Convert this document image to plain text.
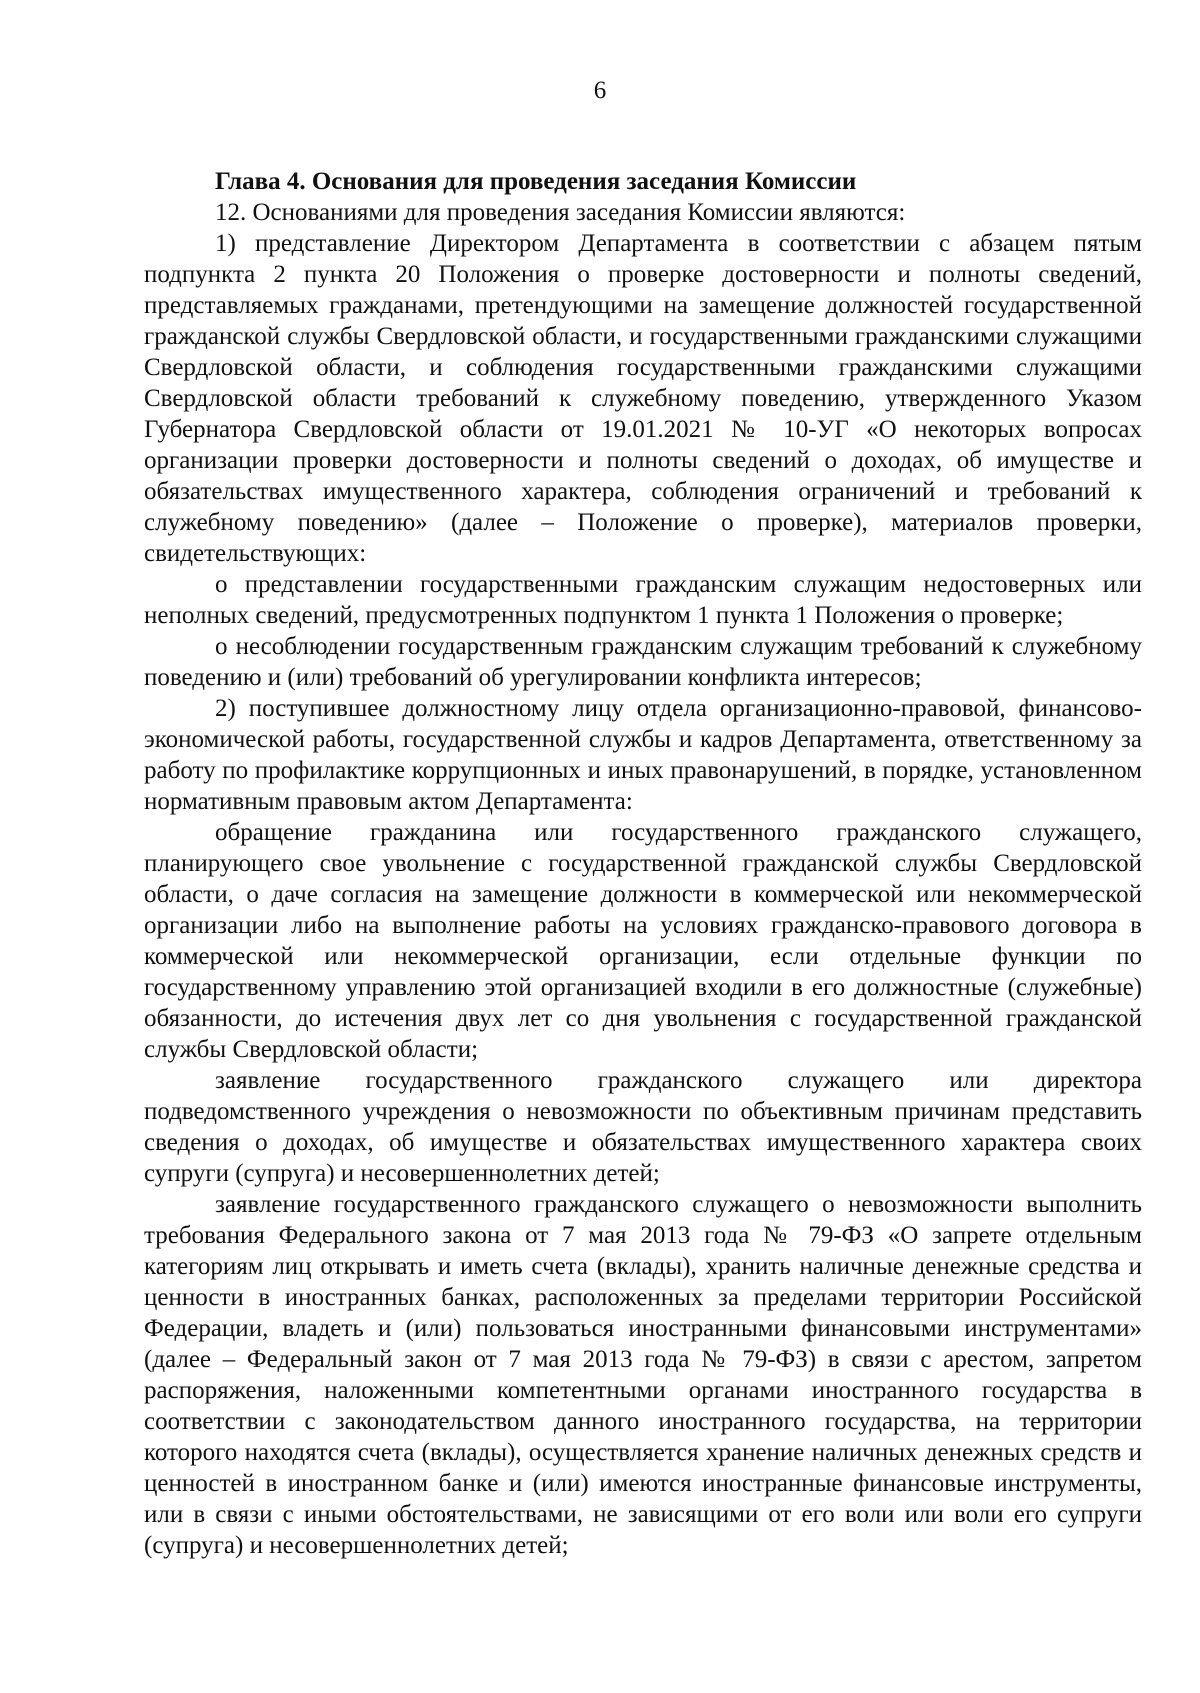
6
Глава 4. Основания для проведения заседания Комиссии

12. Основаниями для проведения заседания Комиссии являются:

1) представление Директором Департамента в соответствии с абзацем пятым подпункта 2 пункта 20 Положения о проверке достоверности и полноты сведений, представляемых гражданами, претендующими на замещение должностей государственной гражданской службы Свердловской области, и государственными гражданскими служащими Свердловской области, и соблюдения государственными гражданскими служащими Свердловской области требований к служебному поведению, утвержденного Указом Губернатора Свердловской области от 19.01.2021 № 10-УГ «О некоторых вопросах организации проверки достоверности и полноты сведений о доходах, об имуществе и обязательствах имущественного характера, соблюдения ограничений и требований к служебному поведению» (далее – Положение о проверке), материалов проверки, свидетельствующих:

о представлении государственными гражданским служащим недостоверных или неполных сведений, предусмотренных подпунктом 1 пункта 1 Положения о проверке;

о несоблюдении государственным гражданским служащим требований к служебному поведению и (или) требований об урегулировании конфликта интересов;

2) поступившее должностному лицу отдела организационно-правовой, финансово-экономической работы, государственной службы и кадров Департамента, ответственному за работу по профилактике коррупционных и иных правонарушений, в порядке, установленном нормативным правовым актом Департамента:

обращение гражданина или государственного гражданского служащего, планирующего свое увольнение с государственной гражданской службы Свердловской области, о даче согласия на замещение должности в коммерческой или некоммерческой организации либо на выполнение работы на условиях гражданско-правового договора в коммерческой или некоммерческой организации, если отдельные функции по государственному управлению этой организацией входили в его должностные (служебные) обязанности, до истечения двух лет со дня увольнения с государственной гражданской службы Свердловской области;

заявление государственного гражданского служащего или директора подведомственного учреждения о невозможности по объективным причинам представить сведения о доходах, об имуществе и обязательствах имущественного характера своих супруги (супруга) и несовершеннолетних детей;

заявление государственного гражданского служащего о невозможности выполнить требования Федерального закона от 7 мая 2013 года № 79-ФЗ «О запрете отдельным категориям лиц открывать и иметь счета (вклады), хранить наличные денежные средства и ценности в иностранных банках, расположенных за пределами территории Российской Федерации, владеть и (или) пользоваться иностранными финансовыми инструментами» (далее – Федеральный закон от 7 мая 2013 года № 79-ФЗ) в связи с арестом, запретом распоряжения, наложенными компетентными органами иностранного государства в соответствии с законодательством данного иностранного государства, на территории которого находятся счета (вклады), осуществляется хранение наличных денежных средств и ценностей в иностранном банке и (или) имеются иностранные финансовые инструменты, или в связи с иными обстоятельствами, не зависящими от его воли или воли его супруги (супруга) и несовершеннолетних детей;
